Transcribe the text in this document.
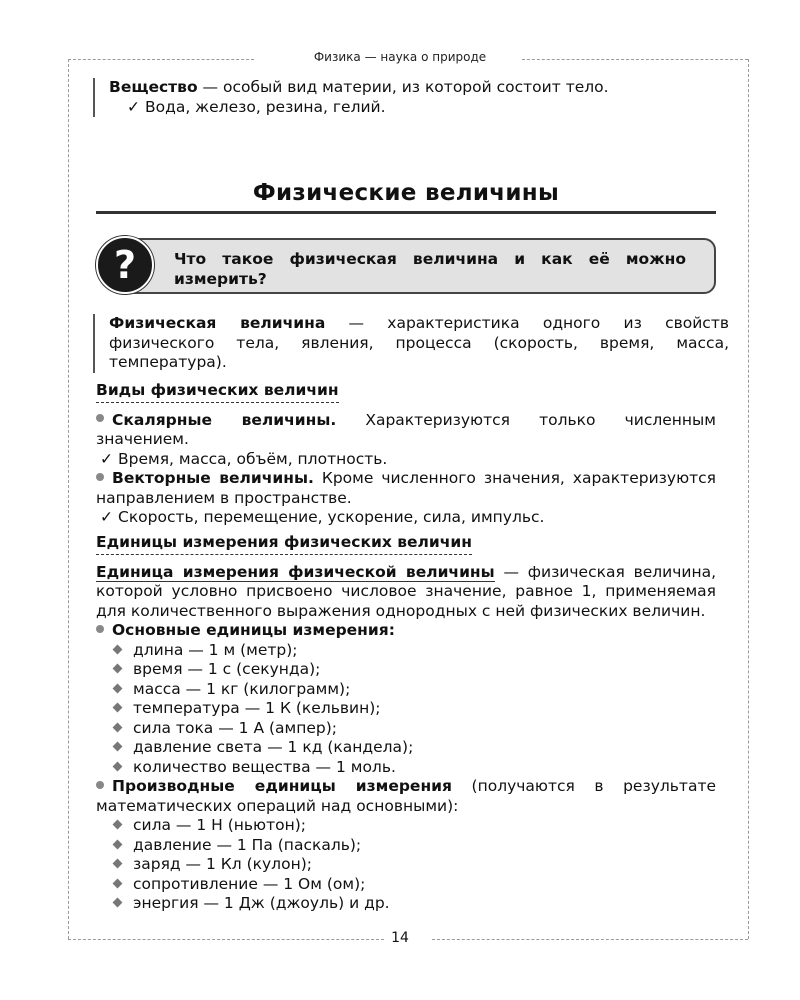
Физика — наука о природе
14
Вещество — особый вид материи, из которой состоит тело.
✓ Вода, железо, резина, гелий.
Физические величины
Что такое физическая величина и как её можно измерить?
?
Физическая величина — характеристика одного из свойств физического тела, явления, процесса (скорость, время, масса, температура).
Виды физических величин
Скалярные величины. Характеризуются только численным значением.
✓ Время, масса, объём, плотность.
Векторные величины. Кроме численного значения, характеризуются направлением в пространстве.
✓ Скорость, перемещение, ускорение, сила, импульс.
Единицы измерения физических величин
Единица измерения физической величины — физическая величина, которой условно присвоено числовое значение, равное 1, применяемая для количественного выражения однородных с ней физических величин.
Основные единицы измерения:
длина — 1 м (метр);
время — 1 с (секунда);
масса — 1 кг (килограмм);
температура — 1 К (кельвин);
сила тока — 1 А (ампер);
давление света — 1 кд (кандела);
количество вещества — 1 моль.
Производные единицы измерения (получаются в результате математических операций над основными):
сила — 1 Н (ньютон);
давление — 1 Па (паскаль);
заряд — 1 Кл (кулон);
сопротивление — 1 Ом (ом);
энергия — 1 Дж (джоуль) и др.
